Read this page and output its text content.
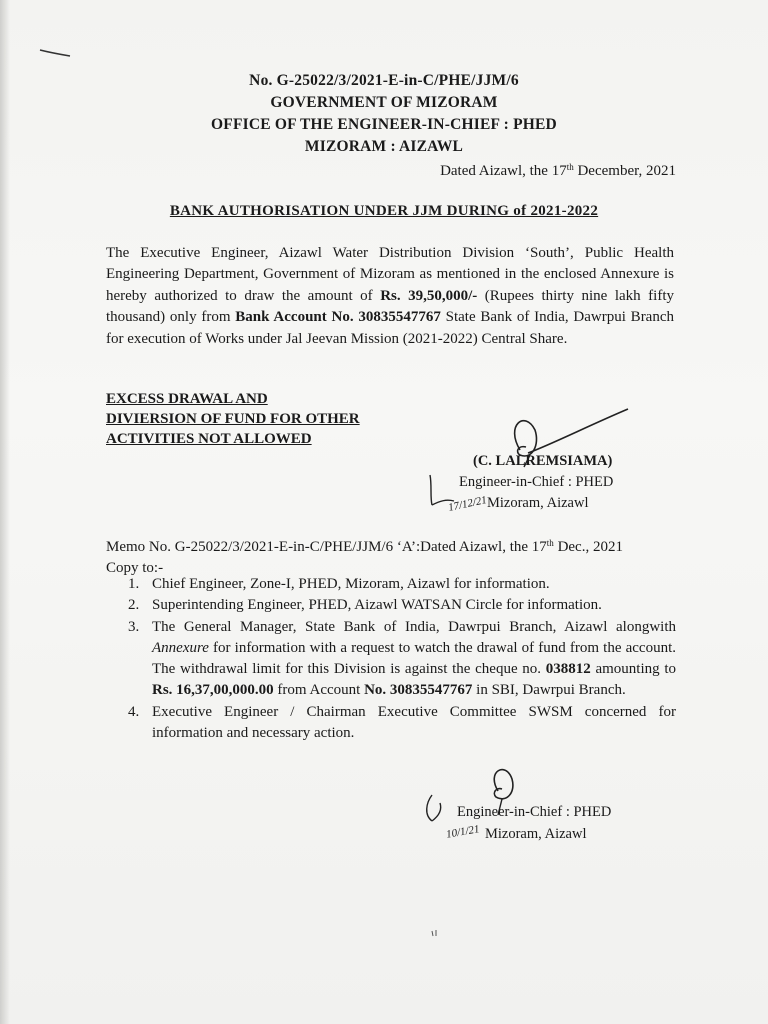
No. G-25022/3/2021-E-in-C/PHE/JJM/6
GOVERNMENT OF MIZORAM
OFFICE OF THE ENGINEER-IN-CHIEF : PHED
MIZORAM : AIZAWL
Dated Aizawl, the 17th December, 2021
BANK AUTHORISATION UNDER JJM DURING of 2021-2022
The Executive Engineer, Aizawl Water Distribution Division ‘South’, Public Health Engineering Department, Government of Mizoram as mentioned in the enclosed Annexure is hereby authorized to draw the amount of Rs. 39,50,000/- (Rupees thirty nine lakh fifty thousand) only from Bank Account No. 30835547767 State Bank of India, Dawrpui Branch for execution of Works under Jal Jeevan Mission (2021-2022) Central Share.
EXCESS DRAWAL AND
DIVIERSION OF FUND FOR OTHER
ACTIVITIES NOT ALLOWED
17/12/21
(C. LALREMSIAMA)
Engineer-in-Chief : PHED
Mizoram, Aizawl
Memo No. G-25022/3/2021-E-in-C/PHE/JJM/6 ‘A’:Dated Aizawl, the 17th Dec., 2021
Copy to:-
1. Chief Engineer, Zone-I, PHED, Mizoram, Aizawl for information.
2. Superintending Engineer, PHED, Aizawl WATSAN Circle for information.
3. The General Manager, State Bank of India, Dawrpui Branch, Aizawl alongwith Annexure for information with a request to watch the drawal of fund from the account. The withdrawal limit for this Division is against the cheque no. 038812 amounting to Rs. 16,37,00,000.00 from Account No. 30835547767 in SBI, Dawrpui Branch.
4. Executive Engineer / Chairman Executive Committee SWSM concerned for information and necessary action.
10/1/21
Engineer-in-Chief : PHED
Mizoram, Aizawl
